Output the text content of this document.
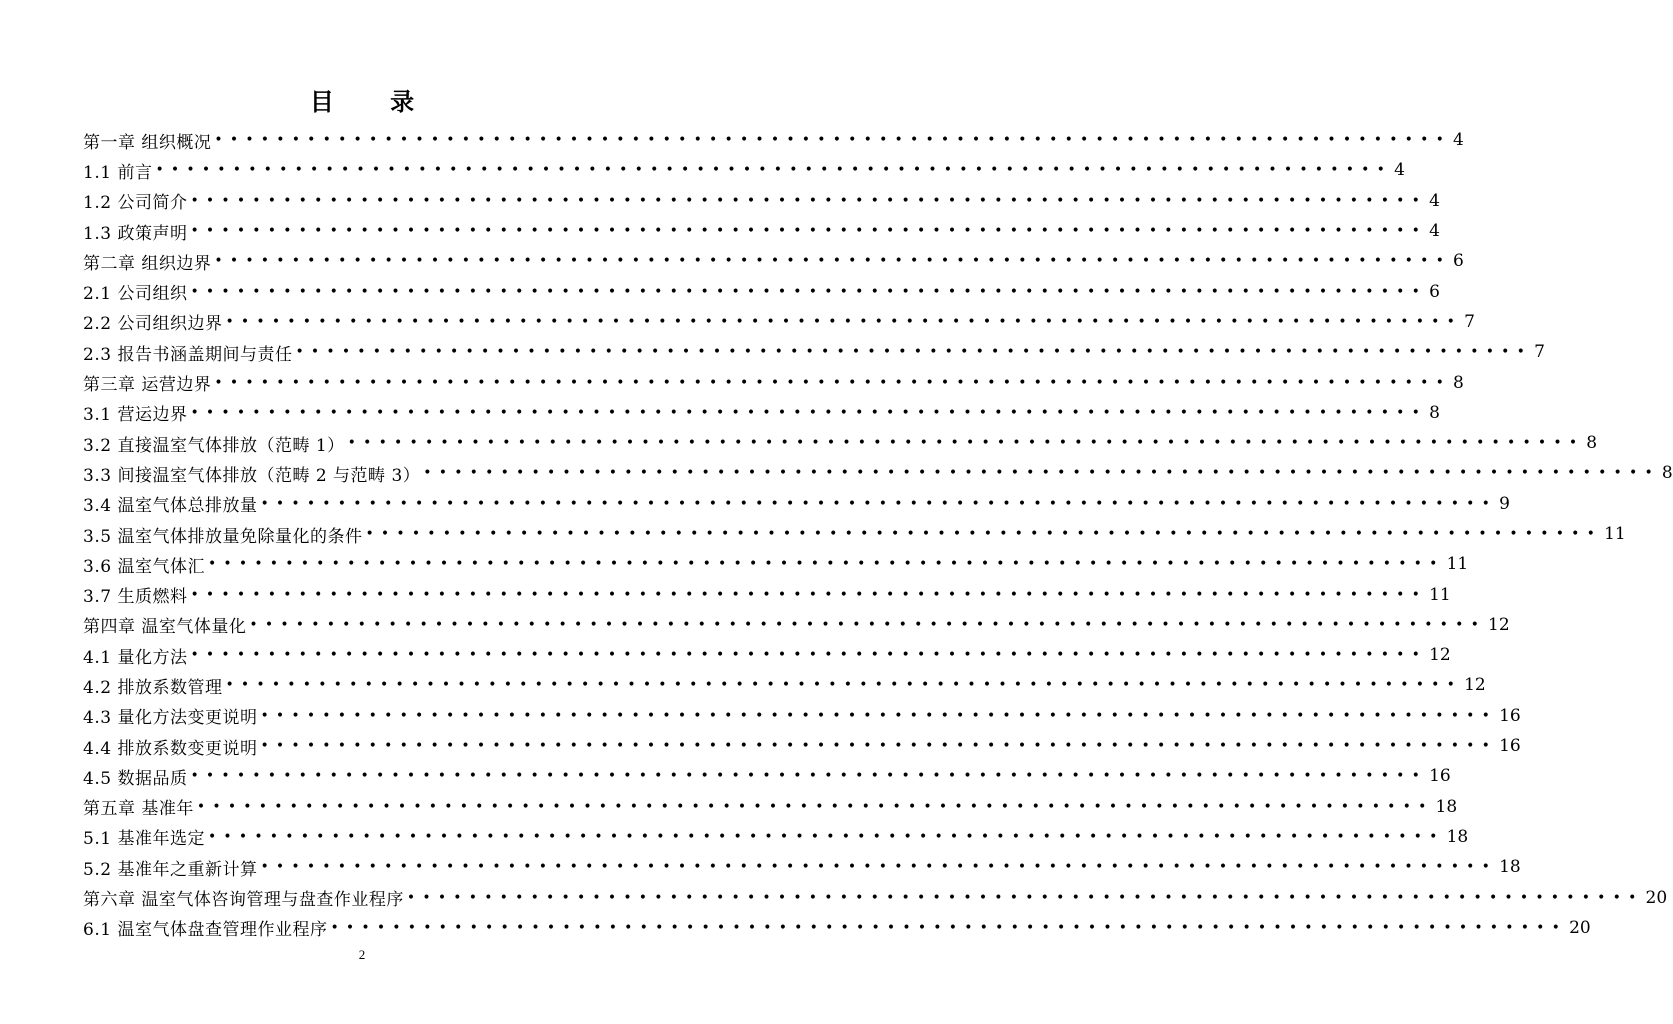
目 录
第一章 组织概况 •••••••••••••••••••••••••••••••••••••••••••••••••••••••••••••••••••••••••••••••• 4
1.1 前言 •••••••••••••••••••••••••••••••••••••••••••••••••••••••••••••••••••••••••••••••• 4
1.2 公司简介 •••••••••••••••••••••••••••••••••••••••••••••••••••••••••••••••••••••••••••••••• 4
1.3 政策声明 •••••••••••••••••••••••••••••••••••••••••••••••••••••••••••••••••••••••••••••••• 4
第二章 组织边界 •••••••••••••••••••••••••••••••••••••••••••••••••••••••••••••••••••••••••••••••• 6
2.1 公司组织 •••••••••••••••••••••••••••••••••••••••••••••••••••••••••••••••••••••••••••••••• 6
2.2 公司组织边界 •••••••••••••••••••••••••••••••••••••••••••••••••••••••••••••••••••••••••••••••• 7
2.3 报告书涵盖期间与责任 •••••••••••••••••••••••••••••••••••••••••••••••••••••••••••••••••••••••••••••••• 7
第三章 运营边界 •••••••••••••••••••••••••••••••••••••••••••••••••••••••••••••••••••••••••••••••• 8
3.1 营运边界 •••••••••••••••••••••••••••••••••••••••••••••••••••••••••••••••••••••••••••••••• 8
3.2 直接温室气体排放（范畴 1） •••••••••••••••••••••••••••••••••••••••••••••••••••••••••••••••••••••••••••••••• 8
3.3 间接温室气体排放（范畴 2 与范畴 3） •••••••••••••••••••••••••••••••••••••••••••••••••••••••••••••••••••••••••••••••• 8
3.4 温室气体总排放量 •••••••••••••••••••••••••••••••••••••••••••••••••••••••••••••••••••••••••••••••• 9
3.5 温室气体排放量免除量化的条件 •••••••••••••••••••••••••••••••••••••••••••••••••••••••••••••••••••••••••••••••• 11
3.6 温室气体汇 •••••••••••••••••••••••••••••••••••••••••••••••••••••••••••••••••••••••••••••••• 11
3.7 生质燃料 •••••••••••••••••••••••••••••••••••••••••••••••••••••••••••••••••••••••••••••••• 11
第四章 温室气体量化 •••••••••••••••••••••••••••••••••••••••••••••••••••••••••••••••••••••••••••••••• 12
4.1 量化方法 •••••••••••••••••••••••••••••••••••••••••••••••••••••••••••••••••••••••••••••••• 12
4.2 排放系数管理 •••••••••••••••••••••••••••••••••••••••••••••••••••••••••••••••••••••••••••••••• 12
4.3 量化方法变更说明 •••••••••••••••••••••••••••••••••••••••••••••••••••••••••••••••••••••••••••••••• 16
4.4 排放系数变更说明 •••••••••••••••••••••••••••••••••••••••••••••••••••••••••••••••••••••••••••••••• 16
4.5 数据品质 •••••••••••••••••••••••••••••••••••••••••••••••••••••••••••••••••••••••••••••••• 16
第五章 基准年 •••••••••••••••••••••••••••••••••••••••••••••••••••••••••••••••••••••••••••••••• 18
5.1 基准年选定 •••••••••••••••••••••••••••••••••••••••••••••••••••••••••••••••••••••••••••••••• 18
5.2 基准年之重新计算 •••••••••••••••••••••••••••••••••••••••••••••••••••••••••••••••••••••••••••••••• 18
第六章 温室气体咨询管理与盘查作业程序 •••••••••••••••••••••••••••••••••••••••••••••••••••••••••••••••••••••••••••••••• 20
6.1 温室气体盘查管理作业程序 •••••••••••••••••••••••••••••••••••••••••••••••••••••••••••••••••••••••••••••••• 20
2
